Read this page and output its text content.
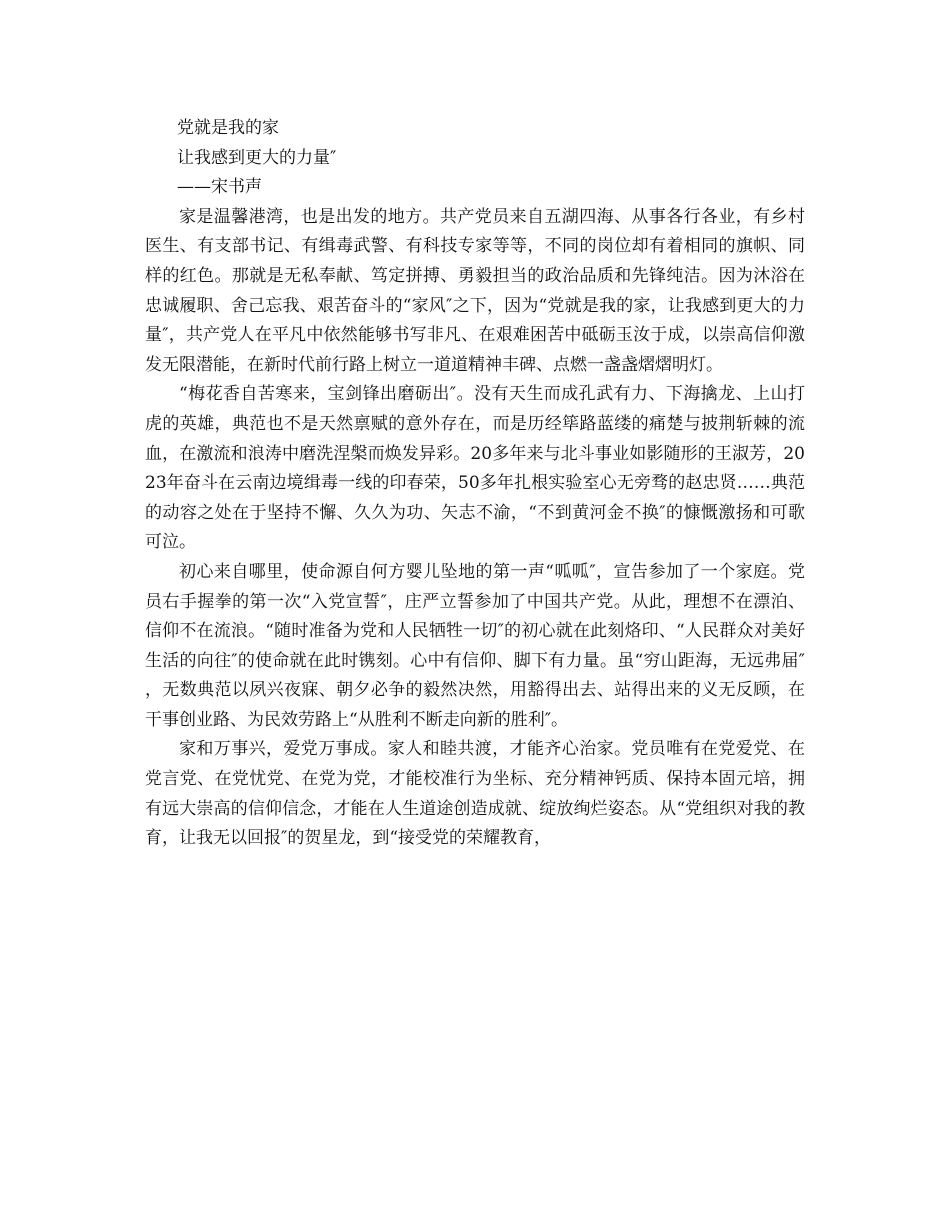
党就是我的家

让我感到更大的力量″

——宋书声

家是温馨港湾，也是出发的地方。共产党员来自五湖四海、从事各行各业，有乡村医生、有支部书记、有缉毒武警、有科技专家等等，不同的岗位却有着相同的旗帜、同样的红色。那就是无私奉献、笃定拼搏、勇毅担当的政治品质和先锋纯洁。因为沐浴在忠诚履职、舍己忘我、艰苦奋斗的“家风″之下，因为“党就是我的家，让我感到更大的力量″，共产党人在平凡中依然能够书写非凡、在艰难困苦中砥砺玉汝于成，以崇高信仰激发无限潜能，在新时代前行路上树立一道道精神丰碑、点燃一盏盏熠熠明灯。

“梅花香自苦寒来，宝剑锋出磨砺出″。没有天生而成孔武有力、下海擒龙、上山打虎的英雄，典范也不是天然禀赋的意外存在，而是历经筚路蓝缕的痛楚与披荆斩棘的流血，在激流和浪涛中磨洗涅槃而焕发异彩。20多年来与北斗事业如影随形的王淑芳，2023年奋斗在云南边境缉毒一线的印春荣，50多年扎根实验室心无旁骛的赵忠贤……典范的动容之处在于坚持不懈、久久为功、矢志不渝，“不到黄河金不换″的慷慨激扬和可歌可泣。

初心来自哪里，使命源自何方婴儿坠地的第一声“呱呱″，宣告参加了一个家庭。党员右手握拳的第一次“入党宣誓″，庄严立誓参加了中国共产党。从此，理想不在漂泊、信仰不在流浪。“随时准备为党和人民牺牲一切″的初心就在此刻烙印、“人民群众对美好生活的向往″的使命就在此时镌刻。心中有信仰、脚下有力量。虽“穷山距海，无远弗届″，无数典范以夙兴夜寐、朝夕必争的毅然决然，用豁得出去、站得出来的义无反顾，在干事创业路、为民效劳路上“从胜利不断走向新的胜利″。

家和万事兴，爱党万事成。家人和睦共渡，才能齐心治家。党员唯有在党爱党、在党言党、在党忧党、在党为党，才能校准行为坐标、充分精神钙质、保持本固元培，拥有远大崇高的信仰信念，才能在人生道途创造成就、绽放绚烂姿态。从“党组织对我的教育，让我无以回报″的贺星龙，到“接受党的荣耀教育，
